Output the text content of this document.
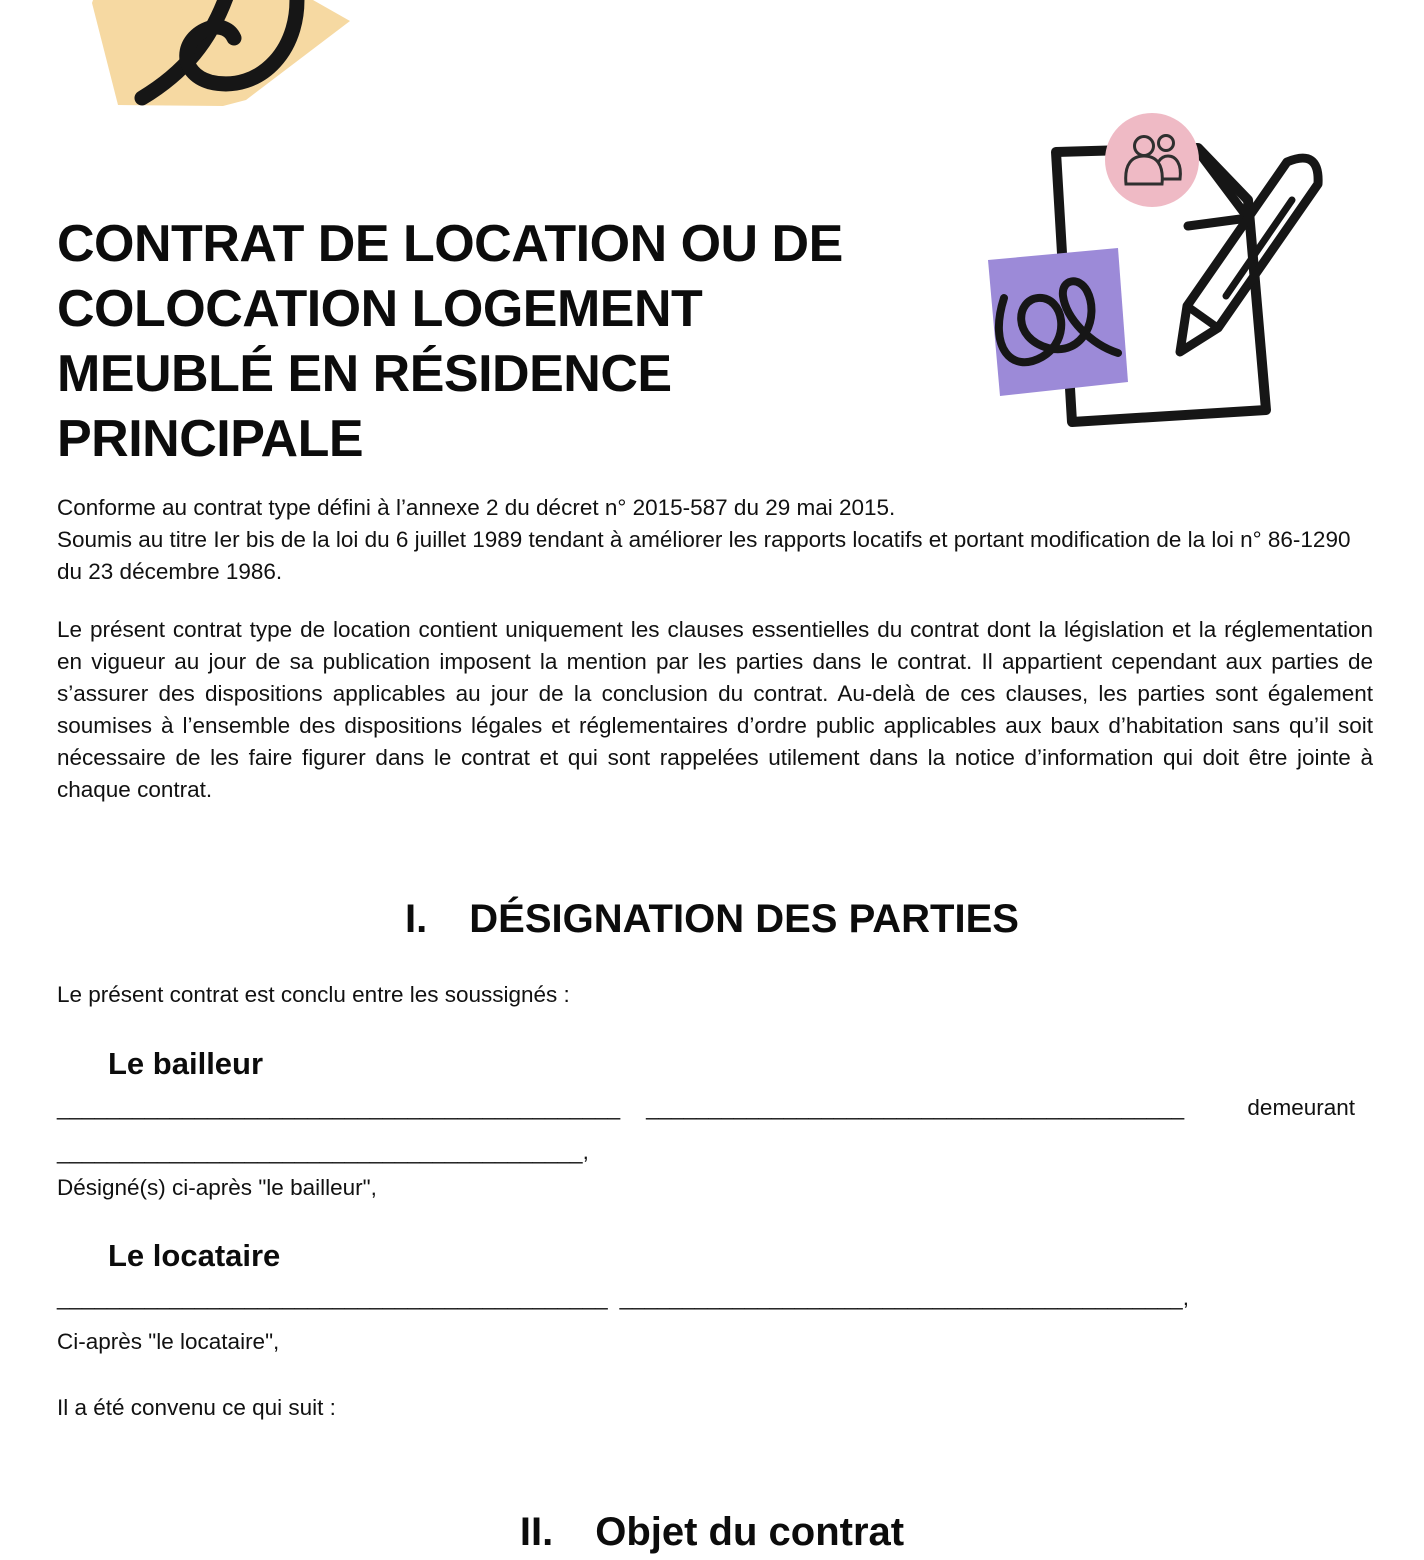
CONTRAT DE LOCATION OU DE COLOCATION LOGEMENT MEUBLÉ EN RÉSIDENCE PRINCIPALE
Conforme au contrat type défini à l’annexe 2 du décret n° 2015-587 du 29 mai 2015.
Soumis au titre Ier bis de la loi du 6 juillet 1989 tendant à améliorer les rapports locatifs et portant modification de la loi n° 86-1290 du 23 décembre 1986.
Le présent contrat type de location contient uniquement les clauses essentielles du contrat dont la législation et la réglementation en vigueur au jour de sa publication imposent la mention par les parties dans le contrat. Il appartient cependant aux parties de s’assurer des dispositions applicables au jour de la conclusion du contrat. Au-delà de ces clauses, les parties sont également soumises à l’ensemble des dispositions légales et réglementaires d’ordre public applicables aux baux d’habitation sans qu’il soit nécessaire de les faire figurer dans le contrat et qui sont rappelées utilement dans la notice d’information qui doit être jointe à chaque contrat.
I. DÉSIGNATION DES PARTIES
Le présent contrat est conclu entre les soussignés :
Le bailleur
_____________________________________________ ___________________________________________	demeurant
__________________________________________,
Désigné(s) ci-après "le bailleur",
Le locataire
____________________________________________ _____________________________________________,
Ci-après "le locataire",
Il a été convenu ce qui suit :
II. Objet du contrat
